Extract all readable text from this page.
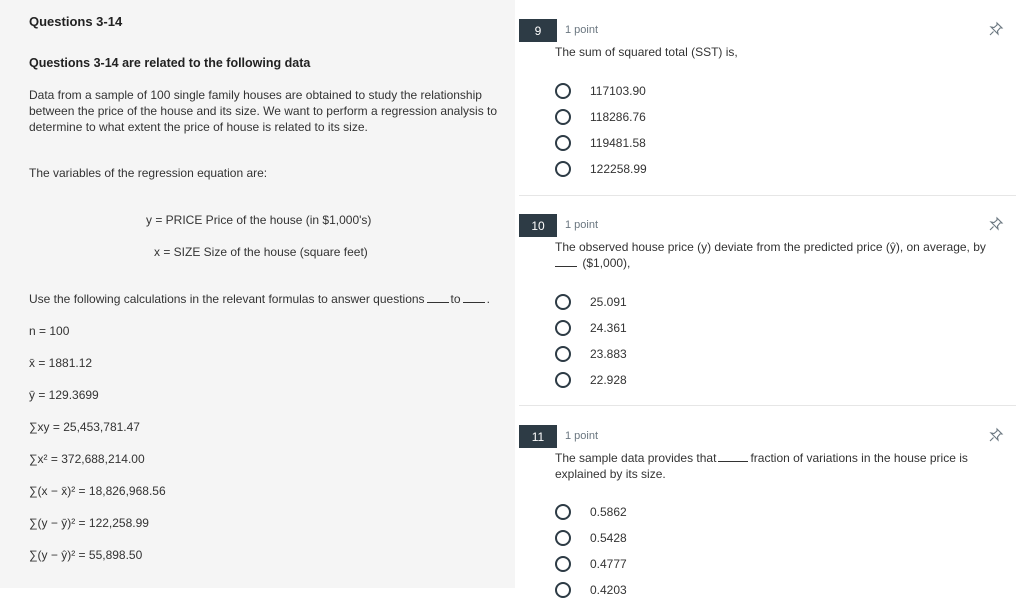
Questions 3-14
Questions 3-14 are related to the following data
Data from a sample of 100 single family houses are obtained to study the relationship between the price of the house and its size. We want to perform a regression analysis to determine to what extent the price of house is related to its size.
The variables of the regression equation are:
y = PRICE Price of the house (in $1,000's)
x = SIZE Size of the house (square feet)
Use the following calculations in the relevant formulas to answer questions to .
n = 100
x̄ = 1881.12
ȳ = 129.3699
∑xy = 25,453,781.47
∑x² = 372,688,214.00
∑(x − x̄)² = 18,826,968.56
∑(y − ȳ)² = 122,258.99
∑(y − ŷ)² = 55,898.50
9	1 point
The sum of squared total (SST) is,
117103.90
118286.76
119481.58
122258.99
10	1 point
The observed house price (y) deviate from the predicted price (ŷ), on average, by
($1,000),
25.091
24.361
23.883
22.928
11	1 point
The sample data provides that	fraction of variations in the house price is explained by its size.
0.5862
0.5428
0.4777
0.4203
